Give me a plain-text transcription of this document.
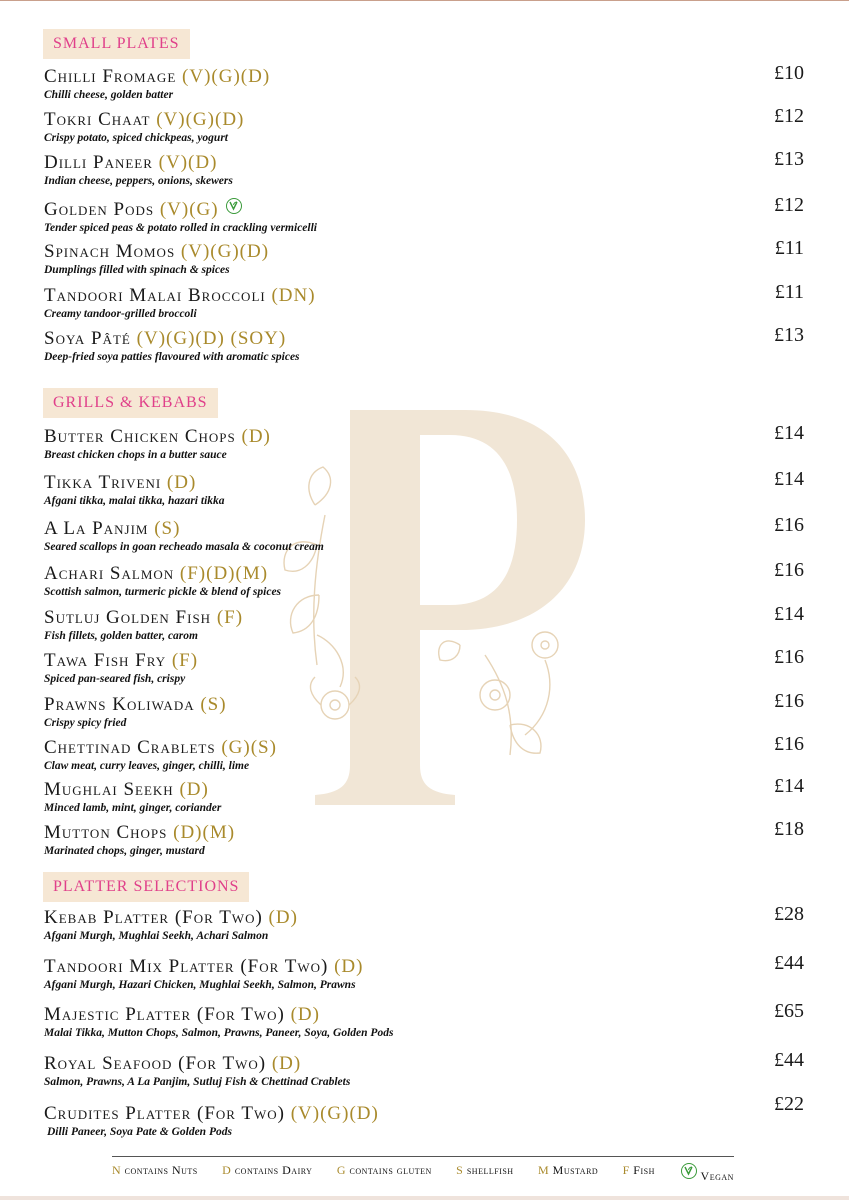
SMALL PLATES
Chilli Fromage (V)(G)(D)
Chilli cheese, golden batter
£10
Tokri Chaat (V)(G)(D)
Crispy potato, spiced chickpeas, yogurt
£12
Dilli Paneer (V)(D)
Indian cheese, peppers, onions, skewers
£13
Golden Pods (V)(G)
Tender spiced peas & potato rolled in crackling vermicelli
£12
Spinach Momos (V)(G)(D)
Dumplings filled with spinach & spices
£11
Tandoori Malai Broccoli (DN)
Creamy tandoor-grilled broccoli
£11
Soya Pâté (V)(G)(D) (SOY)
Deep-fried soya patties flavoured with aromatic spices
£13
GRILLS & KEBABS
Butter Chicken Chops (D)
Breast chicken chops in a butter sauce
£14
Tikka Triveni (D)
Afgani tikka, malai tikka, hazari tikka
£14
A La Panjim (S)
Seared scallops in goan recheado masala & coconut cream
£16
Achari Salmon (F)(D)(M)
Scottish salmon, turmeric pickle & blend of spices
£16
Sutluj Golden Fish (F)
Fish fillets, golden batter, carom
£14
Tawa Fish Fry (F)
Spiced pan-seared fish, crispy
£16
Prawns Koliwada (S)
Crispy spicy fried
£16
Chettinad Crablets (G)(S)
Claw meat, curry leaves, ginger, chilli, lime
£16
Mughlai Seekh (D)
Minced lamb, mint, ginger, coriander
£14
Mutton Chops (D)(M)
Marinated chops, ginger, mustard
£18
PLATTER SELECTIONS
Kebab Platter (For Two) (D)
Afgani Murgh, Mughlai Seekh, Achari Salmon
£28
Tandoori Mix Platter (For Two) (D)
Afgani Murgh, Hazari Chicken, Mughlai Seekh, Salmon, Prawns
£44
Majestic Platter (For Two) (D)
Malai Tikka, Mutton Chops, Salmon, Prawns, Paneer, Soya, Golden Pods
£65
Royal Seafood (For Two) (D)
Salmon, Prawns, A La Panjim, Sutluj Fish & Chettinad Crablets
£44
Crudites Platter (For Two) (V)(G)(D)
Dilli Paneer, Soya Pate & Golden Pods
£22
N contains Nuts D contains Dairy G contains gluten S shellfish M Mustard F Fish	Vegan
